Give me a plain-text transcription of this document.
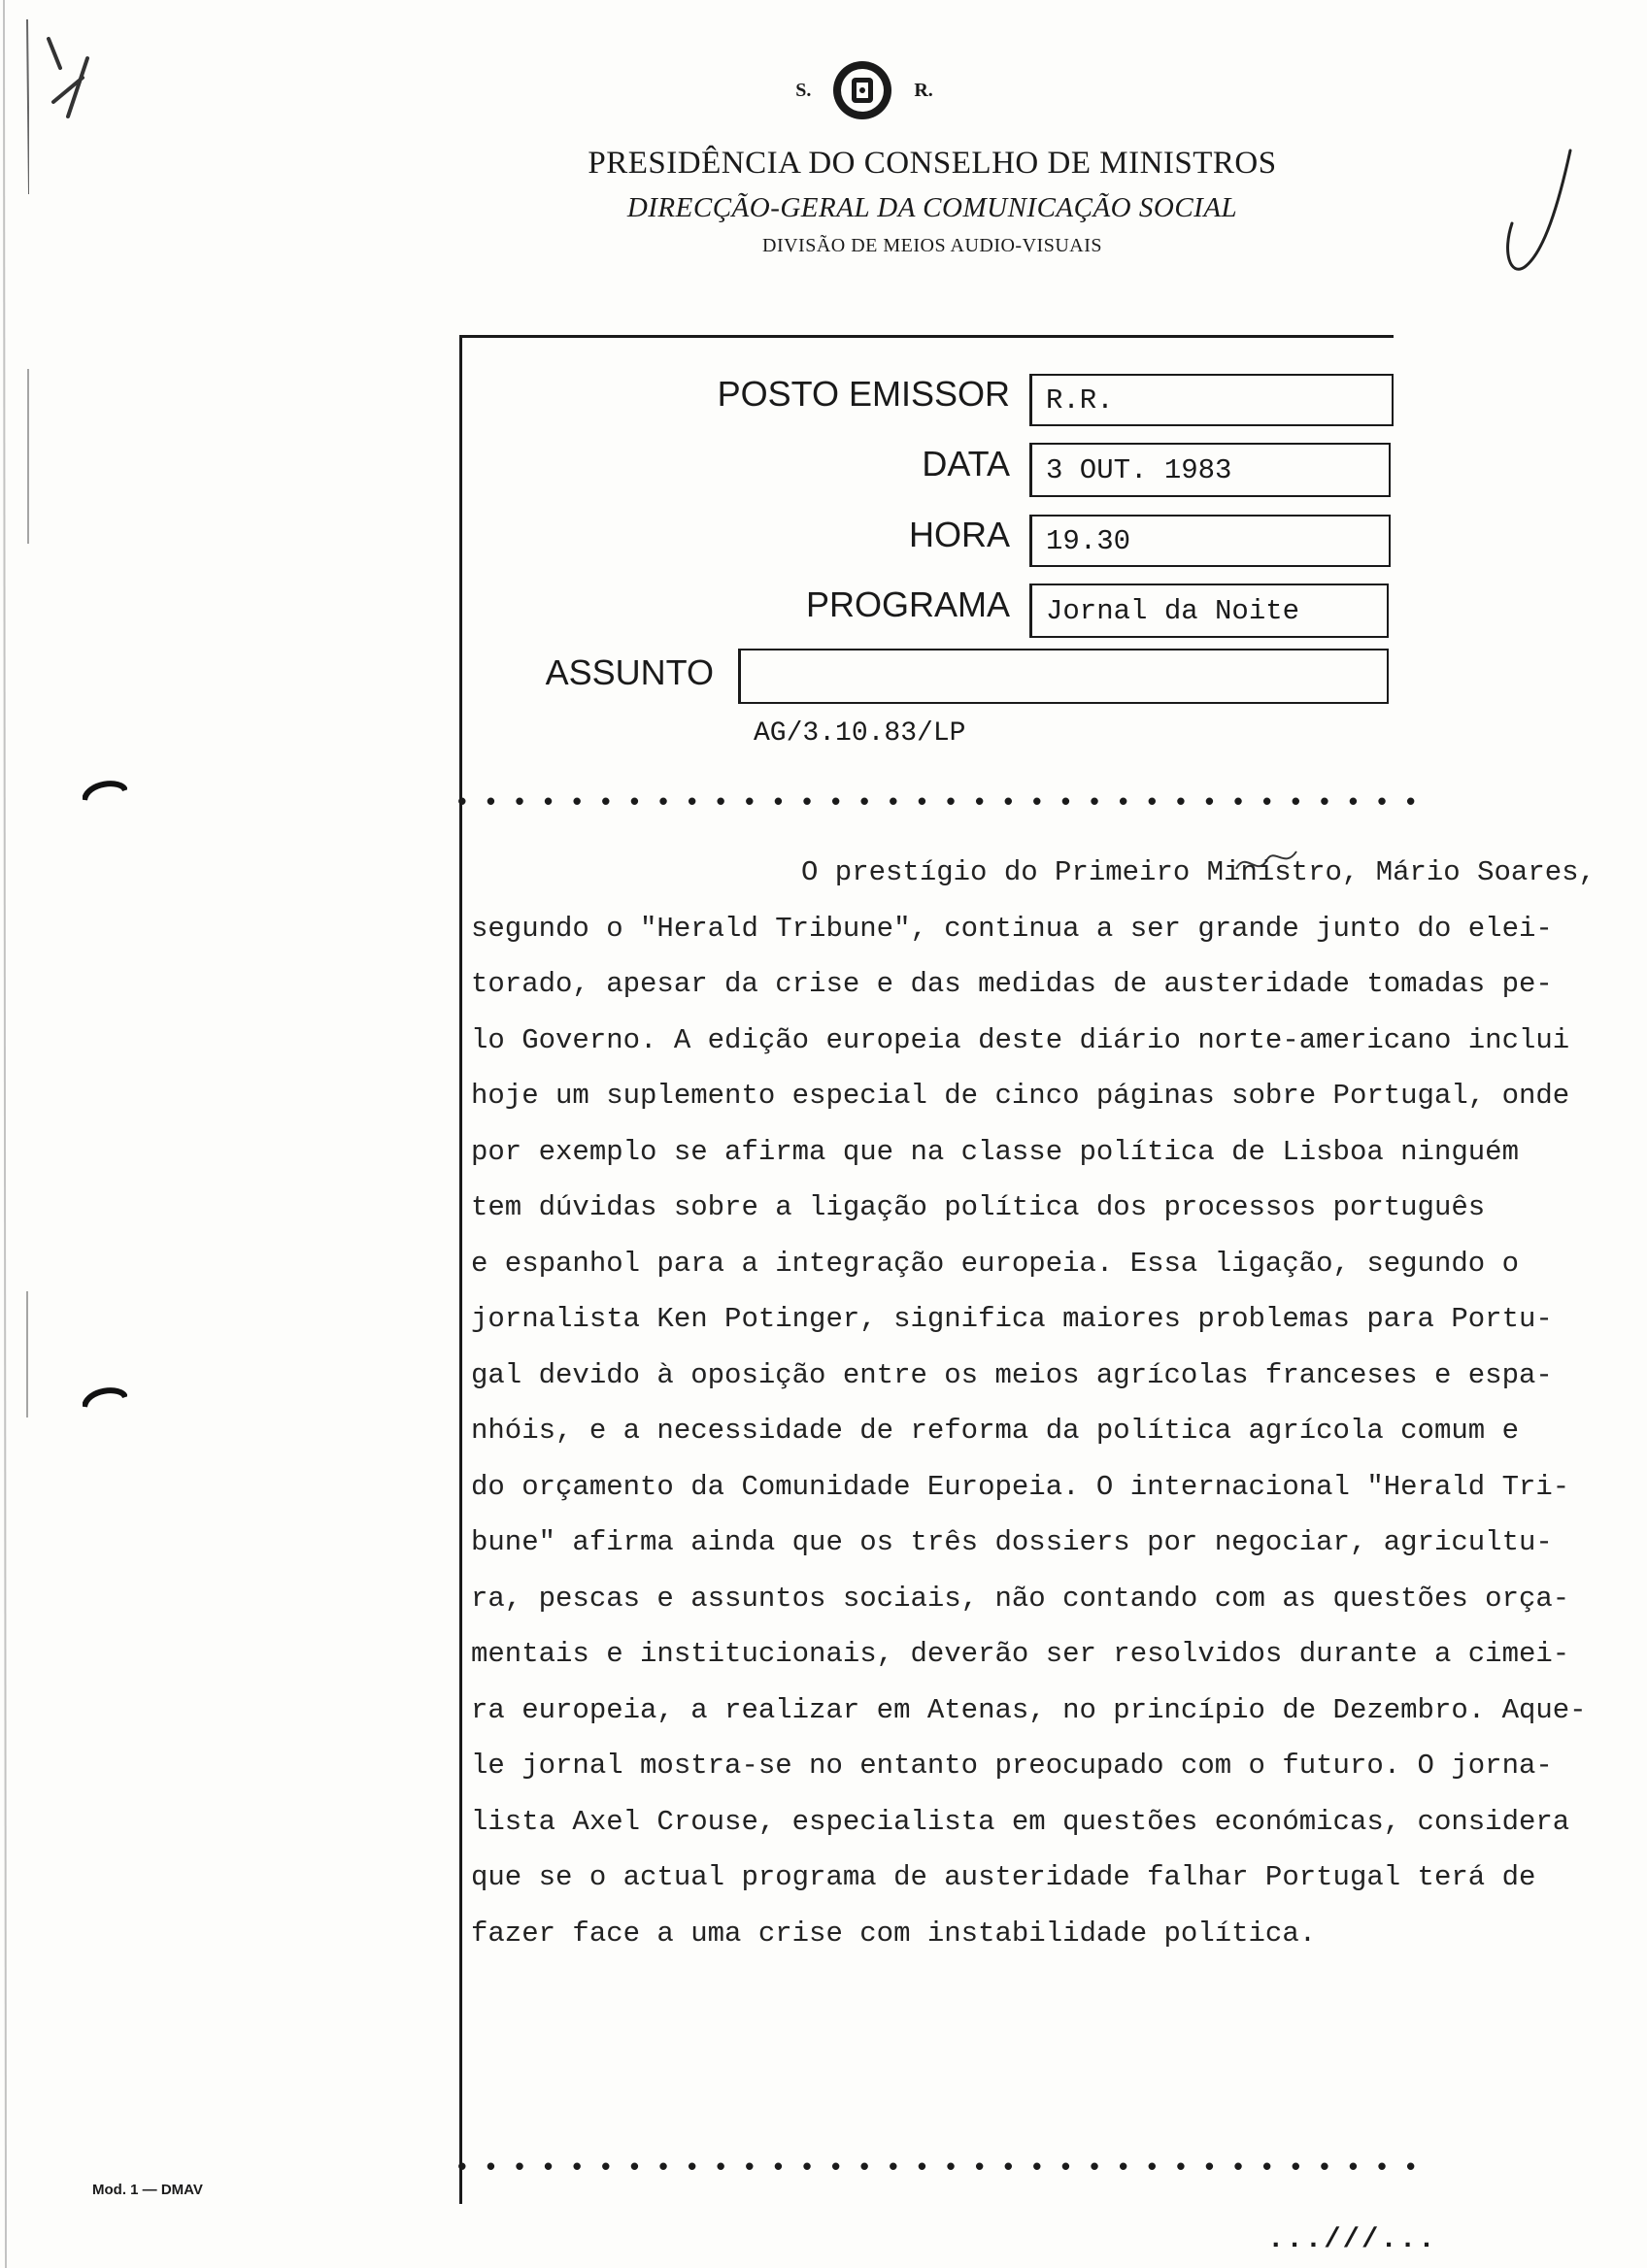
S.	R.
PRESIDÊNCIA DO CONSELHO DE MINISTROS
DIRECÇÃO-GERAL DA COMUNICAÇÃO SOCIAL
DIVISÃO DE MEIOS AUDIO-VISUAIS
POSTO EMISSOR	R.R.
DATA	3 OUT. 1983
HORA	19.30
PROGRAMA	Jornal da Noite
ASSUNTO
AG/3.10.83/LP
••••••••••••••••••••••••••••••••••
O prestígio do Primeiro Ministro, Mário Soares,
segundo o "Herald Tribune", continua a ser grande junto do elei-
torado, apesar da crise e das medidas de austeridade tomadas pe-
lo Governo. A edição europeia deste diário norte-americano inclui
hoje um suplemento especial de cinco páginas sobre Portugal, onde
por exemplo se afirma que na classe política de Lisboa ninguém
tem dúvidas sobre a ligação política dos processos português
e espanhol para a integração europeia. Essa ligação, segundo o
jornalista Ken Potinger, significa maiores problemas para Portu-
gal devido à oposição entre os meios agrícolas franceses e espa-
nhóis, e a necessidade de reforma da política agrícola comum e
do orçamento da Comunidade Europeia. O internacional "Herald Tri-
bune" afirma ainda que os três dossiers por negociar, agricultu-
ra, pescas e assuntos sociais, não contando com as questões orça-
mentais e institucionais, deverão ser resolvidos durante a cimei-
ra europeia, a realizar em Atenas, no princípio de Dezembro. Aque-
le jornal mostra-se no entanto preocupado com o futuro. O jorna-
lista Axel Crouse, especialista em questões económicas, considera
que se o actual programa de austeridade falhar Portugal terá de
fazer face a uma crise com instabilidade política.
••••••••••••••••••••••••••••••••••
Mod. 1 — DMAV
...///...
